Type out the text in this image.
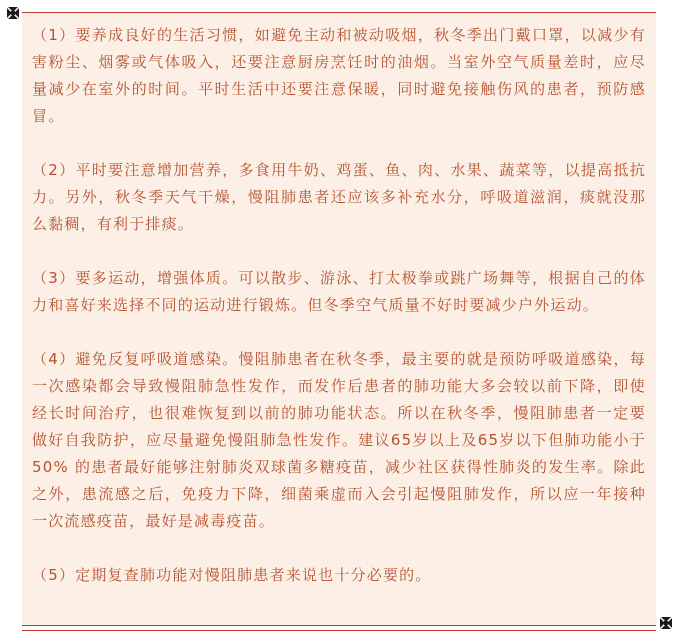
（1）要养成良好的生活习惯，如避免主动和被动吸烟，秋冬季出门戴口罩，以减少有害粉尘、烟雾或气体吸入，还要注意厨房烹饪时的油烟。当室外空气质量差时，应尽量减少在室外的时间。平时生活中还要注意保暖，同时避免接触伤风的患者，预防感冒。

（2）平时要注意增加营养，多食用牛奶、鸡蛋、鱼、肉、水果、蔬菜等，以提高抵抗力。另外，秋冬季天气干燥，慢阻肺患者还应该多补充水分，呼吸道滋润，痰就没那么黏稠，有利于排痰。

（3）要多运动，增强体质。可以散步、游泳、打太极拳或跳广场舞等，根据自己的体力和喜好来选择不同的运动进行锻炼。但冬季空气质量不好时要减少户外运动。

（4）避免反复呼吸道感染。慢阻肺患者在秋冬季，最主要的就是预防呼吸道感染，每一次感染都会导致慢阻肺急性发作，而发作后患者的肺功能大多会较以前下降，即使经长时间治疗，也很难恢复到以前的肺功能状态。所以在秋冬季，慢阻肺患者一定要做好自我防护，应尽量避免慢阻肺急性发作。建议65岁以上及65岁以下但肺功能小于50% 的患者最好能够注射肺炎双球菌多糖疫苗，减少社区获得性肺炎的发生率。除此之外，患流感之后，免疫力下降，细菌乘虚而入会引起慢阻肺发作，所以应一年接种一次流感疫苗，最好是减毒疫苗。

（5）定期复查肺功能对慢阻肺患者来说也十分必要的。
